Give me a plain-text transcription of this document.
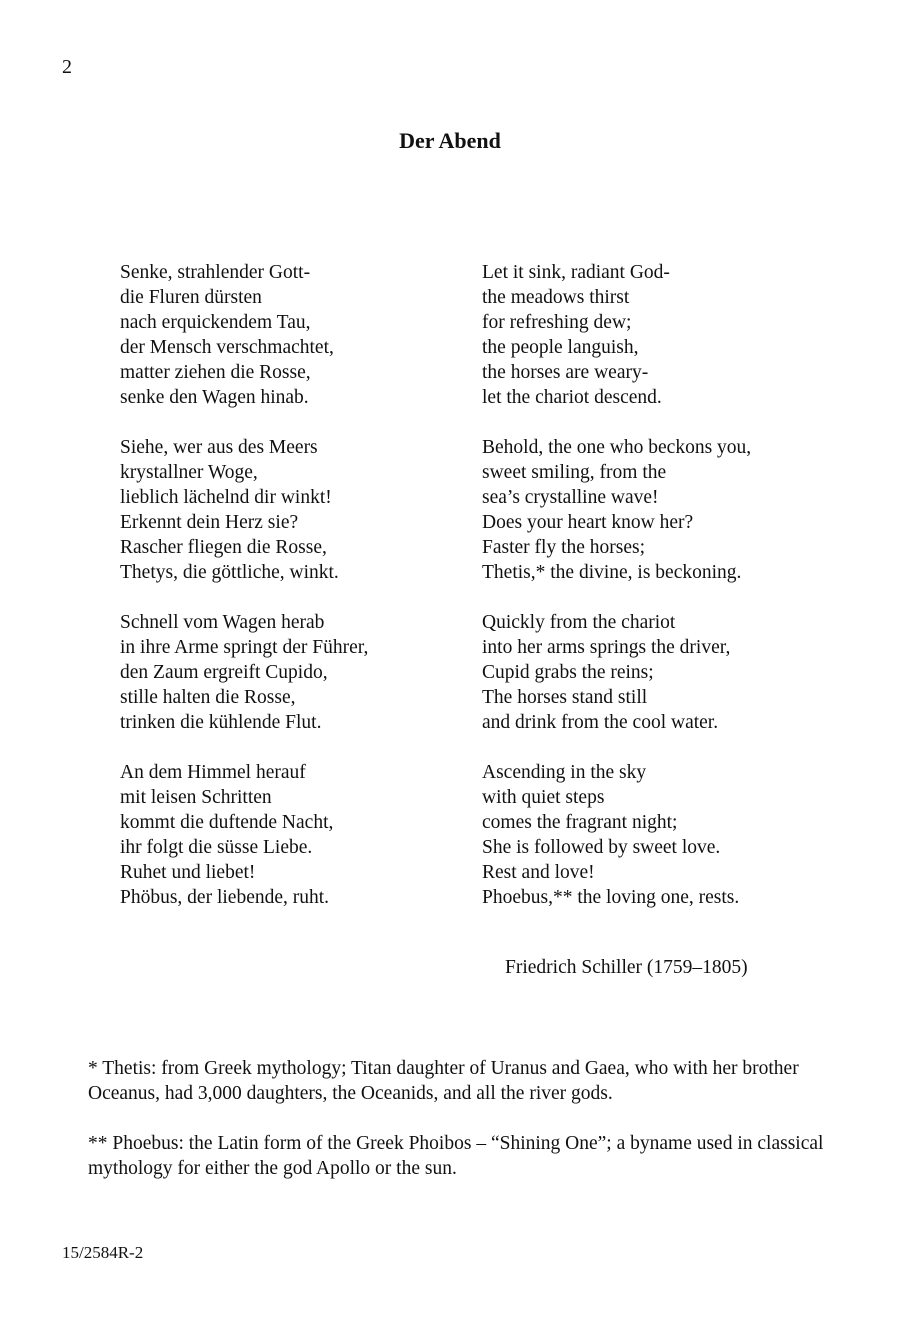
2
Der Abend
Senke, strahlender Gott-
die Fluren dürsten
nach erquickendem Tau,
der Mensch verschmachtet,
matter ziehen die Rosse,
senke den Wagen hinab.
Siehe, wer aus des Meers
krystallner Woge,
lieblich lächelnd dir winkt!
Erkennt dein Herz sie?
Rascher fliegen die Rosse,
Thetys, die göttliche, winkt.
Schnell vom Wagen herab
in ihre Arme springt der Führer,
den Zaum ergreift Cupido,
stille halten die Rosse,
trinken die kühlende Flut.
An dem Himmel herauf
mit leisen Schritten
kommt die duftende Nacht,
ihr folgt die süsse Liebe.
Ruhet und liebet!
Phöbus, der liebende, ruht.
Let it sink, radiant God-
the meadows thirst
for refreshing dew;
the people languish,
the horses are weary-
let the chariot descend.
Behold, the one who beckons you,
sweet smiling, from the
sea’s crystalline wave!
Does your heart know her?
Faster fly the horses;
Thetis,* the divine, is beckoning.
Quickly from the chariot
into her arms springs the driver,
Cupid grabs the reins;
The horses stand still
and drink from the cool water.
Ascending in the sky
with quiet steps
comes the fragrant night;
She is followed by sweet love.
Rest and love!
Phoebus,** the loving one, rests.
Friedrich Schiller (1759–1805)

* Thetis: from Greek mythology; Titan daughter of Uranus and Gaea, who with her brother Oceanus, had 3,000 daughters, the Oceanids, and all the river gods.

** Phoebus: the Latin form of the Greek Phoibos – “Shining One”; a byname used in classical mythology for either the god Apollo or the sun.

15/2584R-2
